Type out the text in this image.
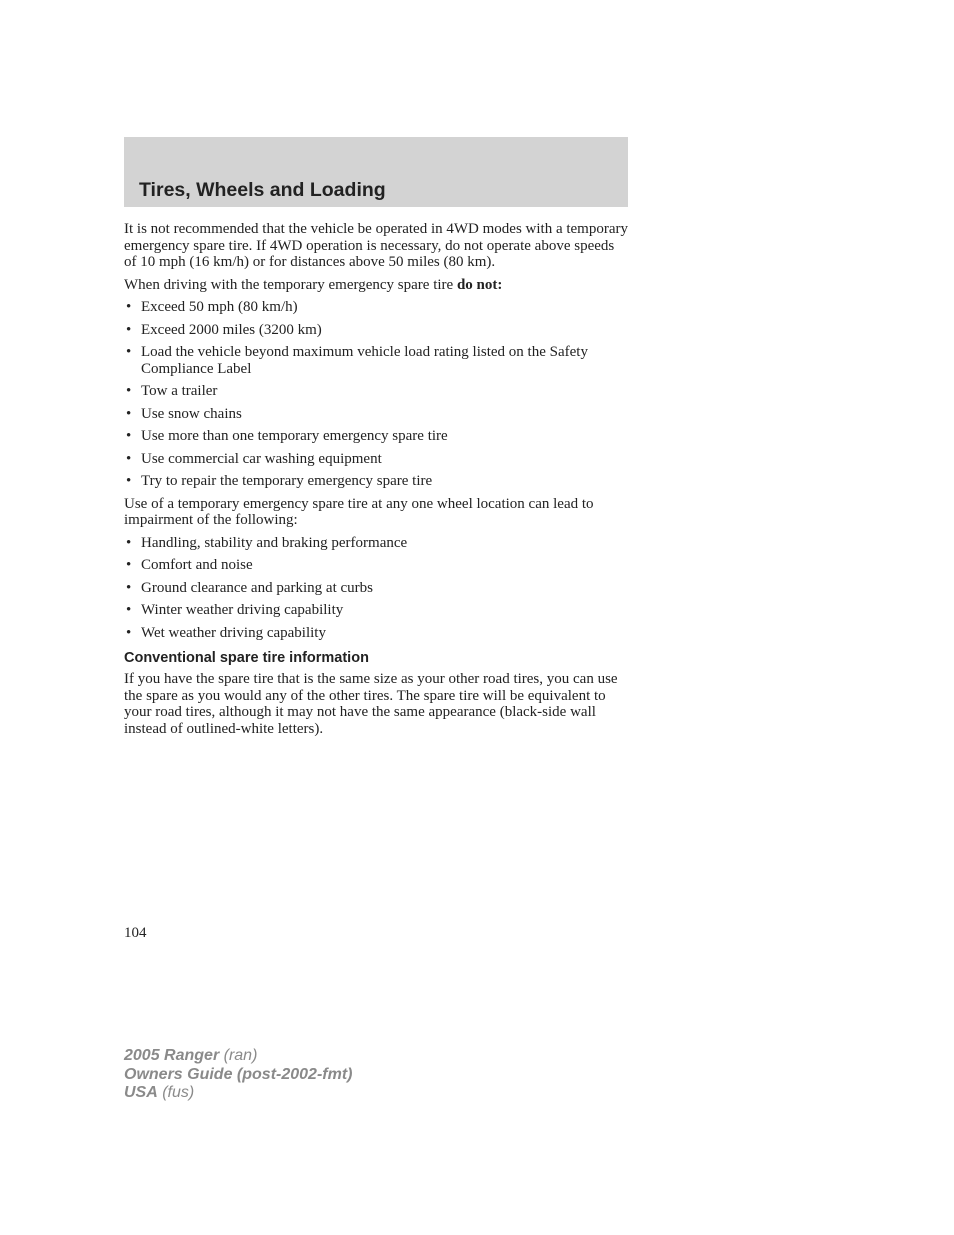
Tires, Wheels and Loading

It is not recommended that the vehicle be operated in 4WD modes with a temporary emergency spare tire. If 4WD operation is necessary, do not operate above speeds of 10 mph (16 km/h) or for distances above 50 miles (80 km).

When driving with the temporary emergency spare tire do not:

• Exceed 50 mph (80 km/h)
• Exceed 2000 miles (3200 km)
• Load the vehicle beyond maximum vehicle load rating listed on the Safety Compliance Label
• Tow a trailer
• Use snow chains
• Use more than one temporary emergency spare tire
• Use commercial car washing equipment
• Try to repair the temporary emergency spare tire

Use of a temporary emergency spare tire at any one wheel location can lead to impairment of the following:

• Handling, stability and braking performance
• Comfort and noise
• Ground clearance and parking at curbs
• Winter weather driving capability
• Wet weather driving capability
Conventional spare tire information

If you have the spare tire that is the same size as your other road tires, you can use the spare as you would any of the other tires. The spare tire will be equivalent to your road tires, although it may not have the same appearance (black-side wall instead of outlined-white letters).

104
2005 Ranger (ran)
Owners Guide (post-2002-fmt)
USA (fus)
